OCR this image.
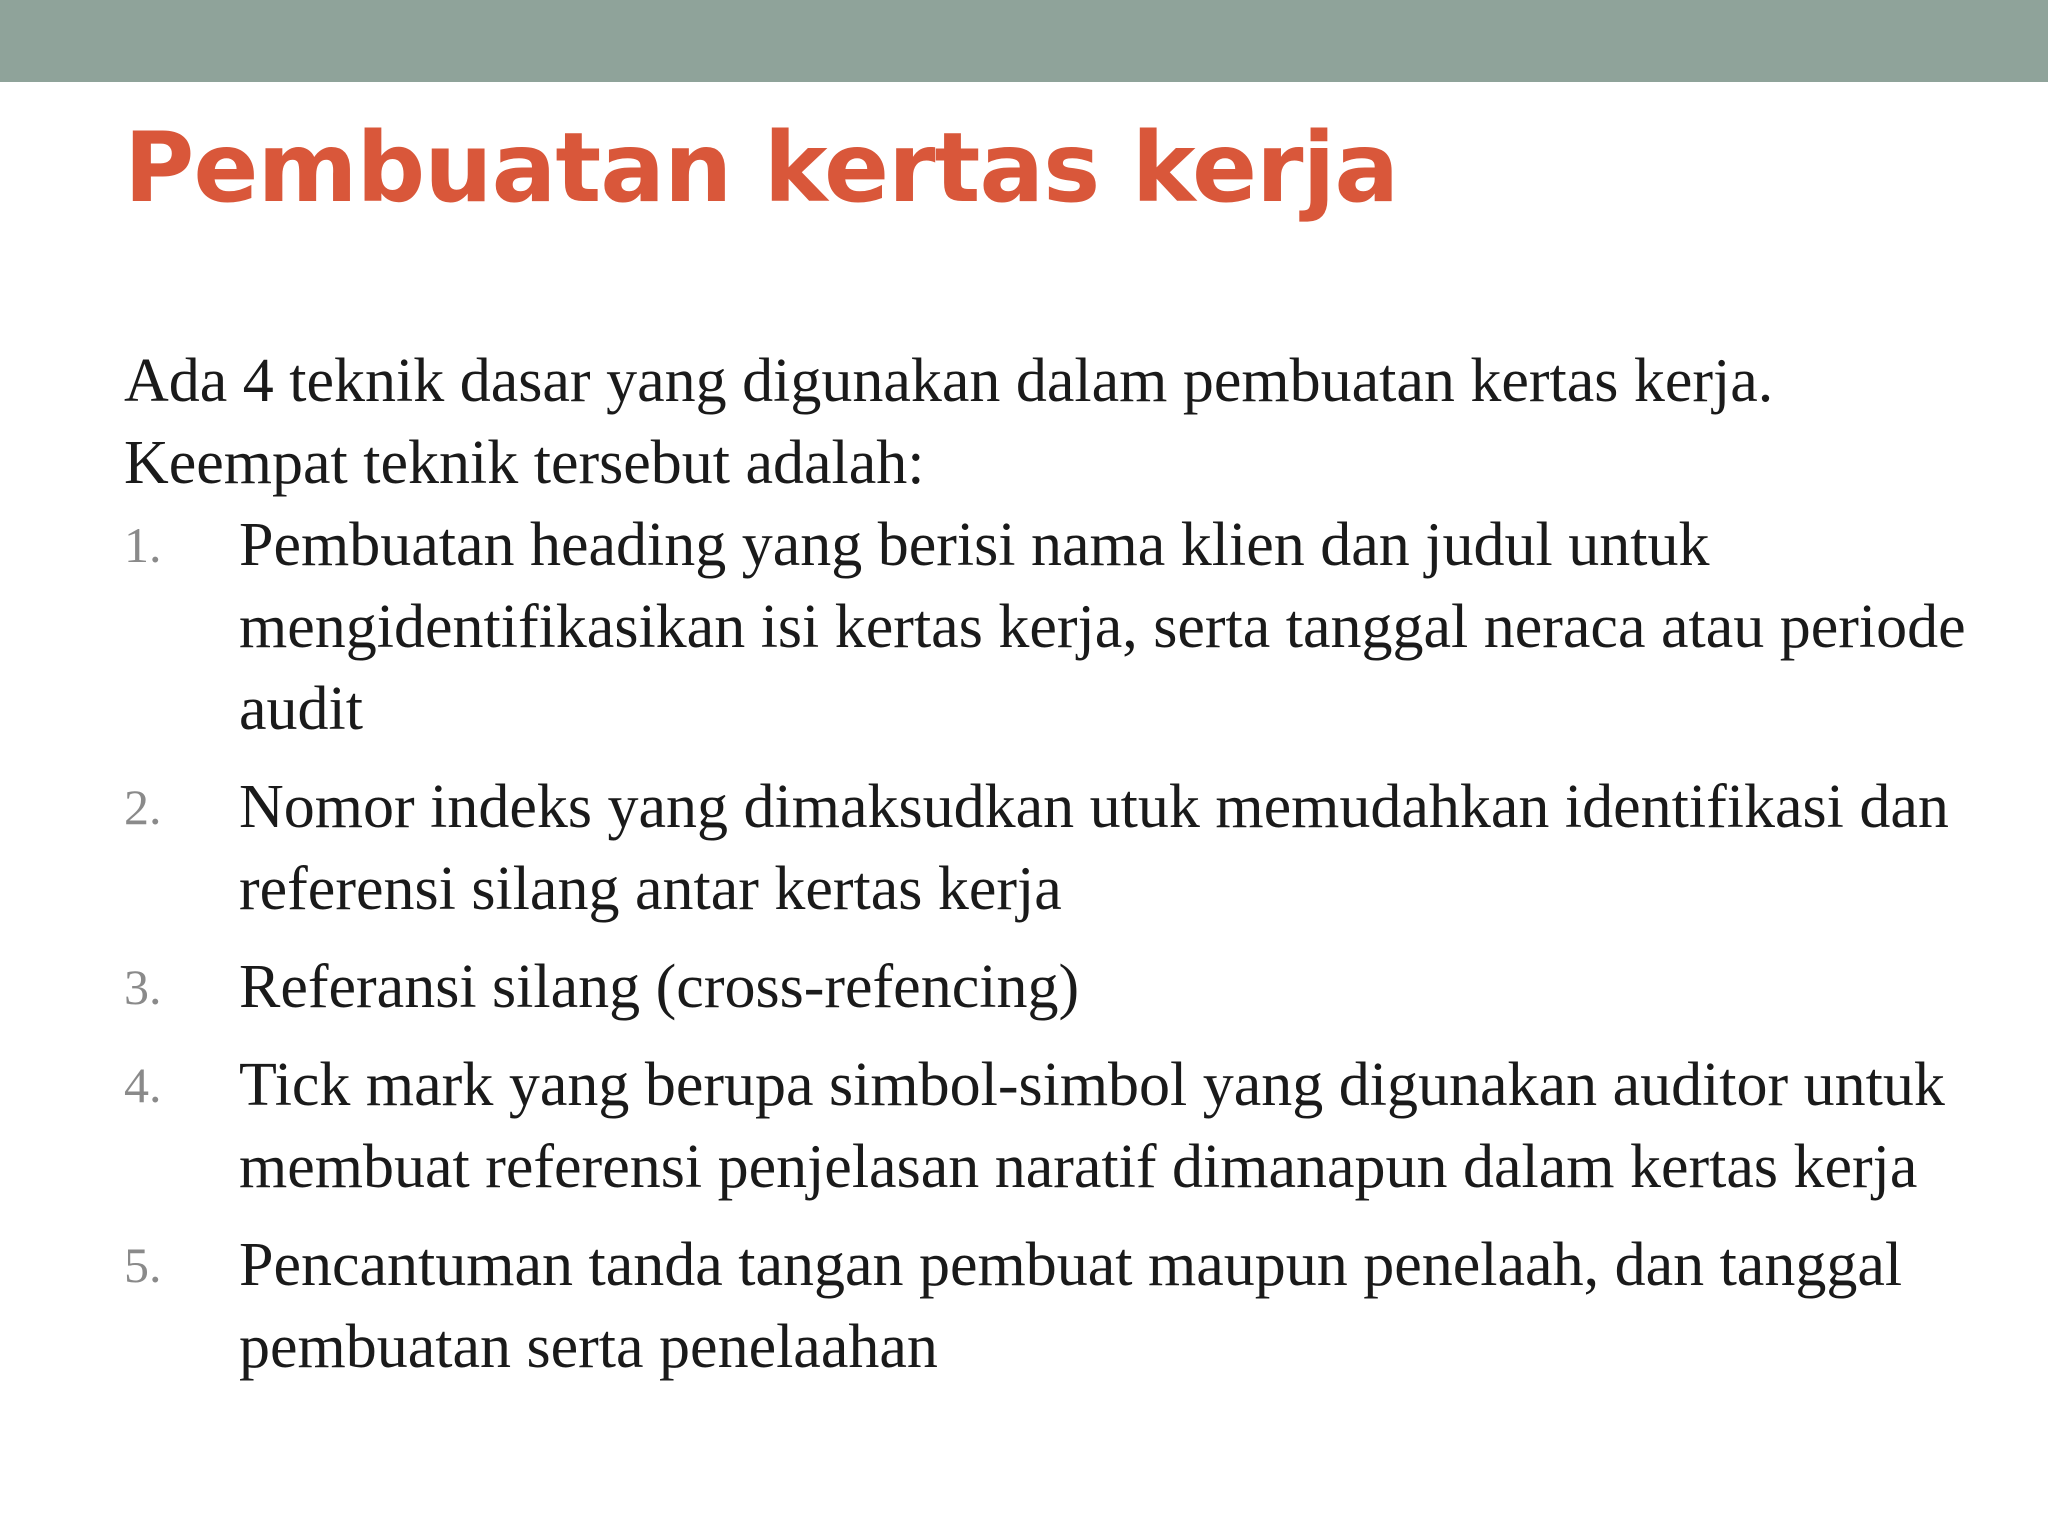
Pembuatan kertas kerja

Ada 4 teknik dasar yang digunakan dalam pembuatan kertas kerja.
Keempat teknik tersebut adalah:

1. Pembuatan heading yang berisi nama klien dan judul untuk mengidentifikasikan isi kertas kerja, serta tanggal neraca atau periode audit
2. Nomor indeks yang dimaksudkan utuk memudahkan identifikasi dan referensi silang antar kertas kerja
3. Referansi silang (cross-refencing)
4. Tick mark yang berupa simbol-simbol yang digunakan auditor untuk membuat referensi penjelasan naratif dimanapun dalam kertas kerja
5. Pencantuman tanda tangan pembuat maupun penelaah, dan tanggal pembuatan serta penelaahan
